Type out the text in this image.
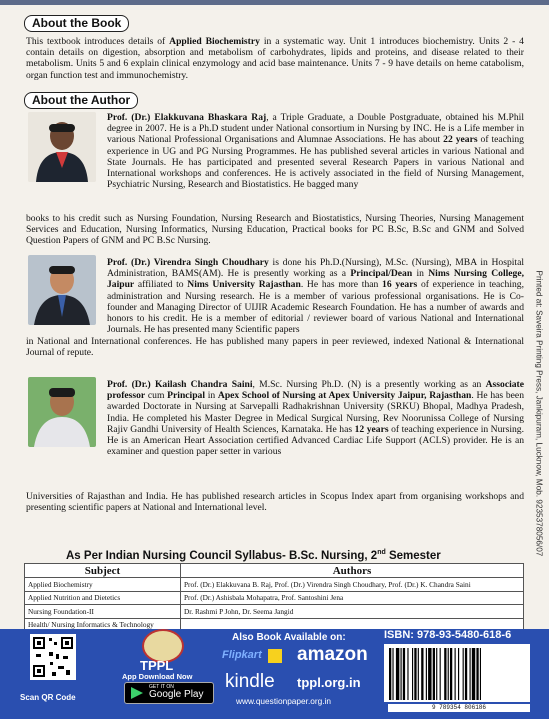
About the Book

This textbook introduces details of Applied Biochemistry in a systematic way. Unit 1 introduces biochemistry. Units 2 - 4 contain details on digestion, absorption and metabolism of carbohydrates, lipids and proteins, and disease related to their metabolism. Units 5 and 6 explain clinical enzymology and acid base maintenance. Units 7 - 9 have details on heme catabolism, organ function test and immunochemistry.

About the Author

Prof. (Dr.) Elakkuvana Bhaskara Raj, a Triple Graduate, a Double Postgraduate, obtained his M.Phil degree in 2007. He is a Ph.D student under National consortium in Nursing by INC. He is a Life member in various National Professional Organisations and Alumnae Associations. He has about 22 years of teaching experience in UG and PG Nursing Programmes. He has published several articles in various National and State Journals. He has participated and presented several Research Papers in various National and International workshops and conferences. He is actively associated in the field of Nursing Management, Psychiatric Nursing, Research and Biostatistics. He bagged many

books to his credit such as Nursing Foundation, Nursing Research and Biostatistics, Nursing Theories, Nursing Management Services and Education, Nursing Informatics, Nursing Education, Practical books for PC B.Sc, B.Sc and GNM and Solved Question Papers of GNM and PC B.Sc Nursing.

Prof. (Dr.) Virendra Singh Choudhary is done his Ph.D.(Nursing), M.Sc. (Nursing), MBA in Hospital Administration, BAMS(AM). He is presently working as a Principal/Dean in Nims Nursing College, Jaipur affiliated to Nims University Rajasthan. He has more than 16 years of experience in teaching, administration and Nursing research. He is a member of various professional organisations. He is Co-founder and Managing Director of UIJIR Academic Research Foundation. He has a number of awards and honors to his credit. He is a member of editorial / reviewer board of various National and International Journals. He has presented many Scientific papers

in National and International conferences. He has published many papers in peer reviewed, indexed National & International Journal of repute.

Prof. (Dr.) Kailash Chandra Saini, M.Sc. Nursing Ph.D. (N) is a presently working as an Associate professor cum Principal in Apex School of Nursing at Apex University Jaipur, Rajasthan. He has been awarded Doctorate in Nursing at Sarvepalli Radhakrishnan University (SRKU) Bhopal, Madhya Pradesh, India. He completed his Master Degree in Medical Surgical Nursing, Rev Noorunissa College of Nursing Rajiv Gandhi University of Health Sciences, Karnataka. He has 12 years of teaching experience in Nursing. He is an American Heart Association certified Advanced Cardiac Life Support (ACLS) provider. He is an examiner and question paper setter in various

Universities of Rajasthan and India. He has published research articles in Scopus Index apart from organising workshops and presenting scientific papers at National and International level.	Printed at: Saveira Printing Press, Jankipuram, Lucknow, Mob. 9235378056/07
As Per Indian Nursing Council Syllabus- B.Sc. Nursing, 2nd Semester
Subject	Authors
Applied Biochemistry	Prof. (Dr.) Elakkuvana B. Raj, Prof. (Dr.) Virendra Singh Choudhary, Prof. (Dr.) K. Chandra Saini
Applied Nutrition and Dietetics	Prof. (Dr.) Ashisbala Mohapatra, Prof. Santoshini Jena
Nursing Foundation-II	Dr. Rashmi P John, Dr. Seema Jangid
Health/ Nursing Informatics & Technology	
Scan QR Code
TPPL
App Download Now
GET IT ON
Google Play
Also Book Available on:
Flipkart amazon
kindle tppl.org.in
www.questionpaper.org.in
ISBN: 978-93-5480-618-6
9 789354 806186
